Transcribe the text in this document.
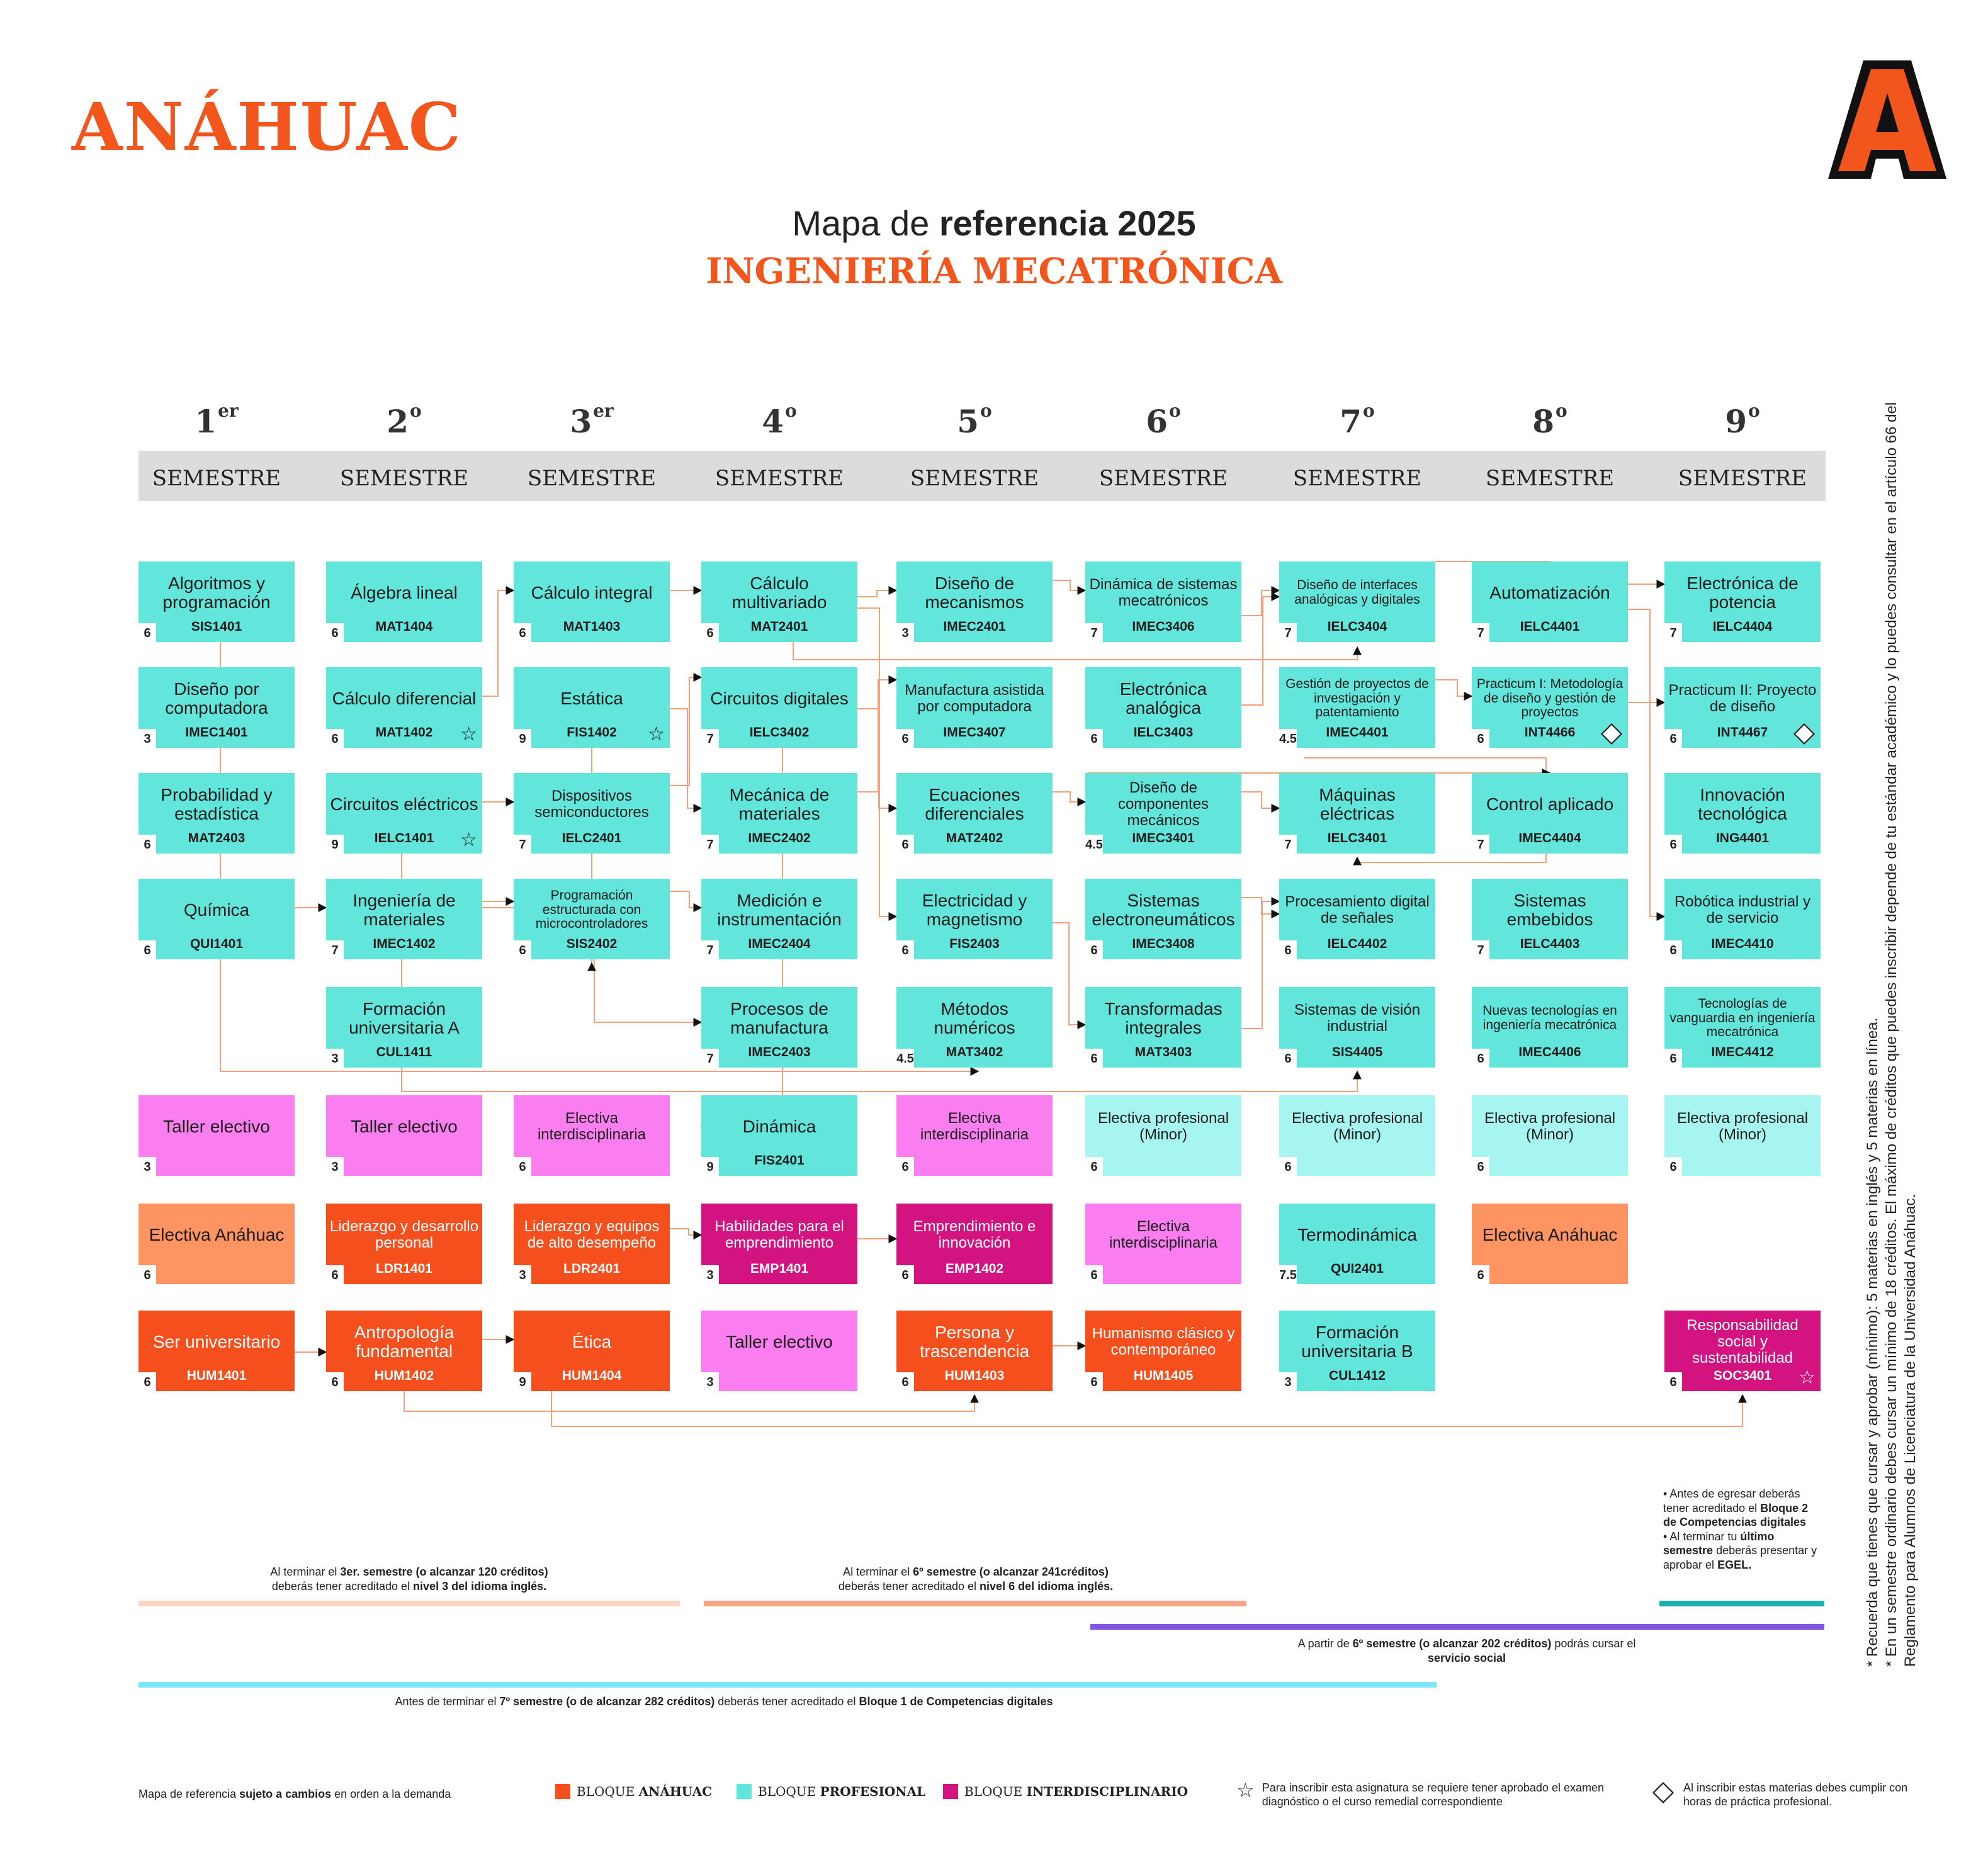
ANÁHUAC
Mapa de referencia 2025
INGENIERÍA MECATRÓNICA
1er	2$^o$	3er	4$^o$	5$^o$	6$^o$	7$^o$	8$^o$	9$^o$
SEMESTRE	SEMESTRE	SEMESTRE	SEMESTRE	SEMESTRE	SEMESTRE	SEMESTRE	SEMESTRE	SEMESTRE
Algoritmos y programación
SIS1401
6
Diseño por computadora
IMEC1401
3
Probabilidad y estadística
MAT2403
6
Química
QUI1401
6
Taller electivo
3
Electiva Anáhuac
6
Ser universitario
HUM1401
6
Álgebra lineal
MAT1404
6
Cálculo diferencial
MAT1402
6	☆
Circuitos eléctricos
IELC1401
9	☆
Ingeniería de materiales
IMEC1402
7
Formación universitaria A
CUL1411
3
Taller electivo
3
Liderazgo y desarrollo personal
LDR1401
6
Antropología fundamental
HUM1402
6
Cálculo integral
MAT1403
6
Estática
FIS1402
9	☆
Dispositivos semiconductores
IELC2401
7
Programación estructurada con microcontroladores
SIS2402
6
Electiva interdisciplinaria
6
Liderazgo y equipos de alto desempeño
LDR2401
3
Ética
HUM1404
9
Cálculo multivariado
MAT2401
6
Circuitos digitales
IELC3402
7
Mecánica de materiales
IMEC2402
7
Medición e instrumentación
IMEC2404
7
Procesos de manufactura
IMEC2403
7
Dinámica
FIS2401
9
Habilidades para el emprendimiento
EMP1401
3
Taller electivo
3
Diseño de mecanismos
IMEC2401
3
Manufactura asistida por computadora
IMEC3407
6
Ecuaciones diferenciales
MAT2402
6
Electricidad y magnetismo
FIS2403
6
Métodos numéricos
MAT3402
4.5
Electiva interdisciplinaria
6
Emprendimiento e innovación
EMP1402
6
Persona y trascendencia
HUM1403
6
Dinámica de sistemas mecatrónicos
IMEC3406
7
Electrónica analógica
IELC3403
6
Diseño de componentes mecánicos
IMEC3401
4.5
Sistemas electroneumáticos
IMEC3408
6
Transformadas integrales
MAT3403
6
Electiva profesional (Minor)
6
Electiva interdisciplinaria
6
Humanismo clásico y contemporáneo
HUM1405
6
Diseño de interfaces analógicas y digitales
IELC3404
7
Gestión de proyectos de investigación y patentamiento
IMEC4401
4.5
Máquinas eléctricas
IELC3401
7
Procesamiento digital de señales
IELC4402
6
Sistemas de visión industrial
SIS4405
6
Electiva profesional (Minor)
6
Termodinámica
QUI2401
7.5
Formación universitaria B
CUL1412
3
Automatización
IELC4401
7
Practicum I: Metodología de diseño y gestión de proyectos
INT4466
6
Control aplicado
IMEC4404
7
Sistemas embebidos
IELC4403
7
Nuevas tecnologías en ingeniería mecatrónica
IMEC4406
6
Electiva profesional (Minor)
6
Electiva Anáhuac
6
Electrónica de potencia
IELC4404
7
Practicum II: Proyecto de diseño
INT4467
6
Innovación tecnológica
ING4401
6
Robótica industrial y de servicio
IMEC4410
6
Tecnologías de vanguardia en ingeniería mecatrónica
IMEC4412
6
Electiva profesional (Minor)
6
Responsabilidad social y sustentabilidad
SOC3401
6	☆
Al terminar el 3er. semestre (o alcanzar 120 créditos)
deberás tener acreditado el nivel 3 del idioma inglés.
Al terminar el 6º semestre (o alcanzar 241créditos)
deberás tener acreditado el nivel 6 del idioma inglés.
• Antes de egresar deberás tener acreditado el Bloque 2 de Competencias digitales
• Al terminar tu último semestre deberás presentar y aprobar el EGEL.
A partir de 6º semestre (o alcanzar 202 créditos) podrás cursar el
servicio social
Antes de terminar el 7º semestre (o de alcanzar 282 créditos) deberás tener acreditado el Bloque 1 de Competencias digitales
* Recuerda que tienes que cursar y aprobar (mínimo): 5 materias en inglés y 5 materias en línea. * En un semestre ordinario debes cursar un mínimo de 18 créditos. El máximo de créditos que puedes inscribir depende de tu estándar académico y lo puedes consultar en el artículo 66 del Reglamento para Alumnos de Licenciatura de la Universidad Anáhuac.
Mapa de referencia sujeto a cambios en orden a la demanda	BLOQUE ANÁHUAC	BLOQUE PROFESIONAL	BLOQUE INTERDISCIPLINARIO ☆ Para inscribir esta asignatura se requiere tener aprobado el examen diagnóstico o el curso remedial correspondiente
Al inscribir estas materias debes cumplir con horas de práctica profesional.
